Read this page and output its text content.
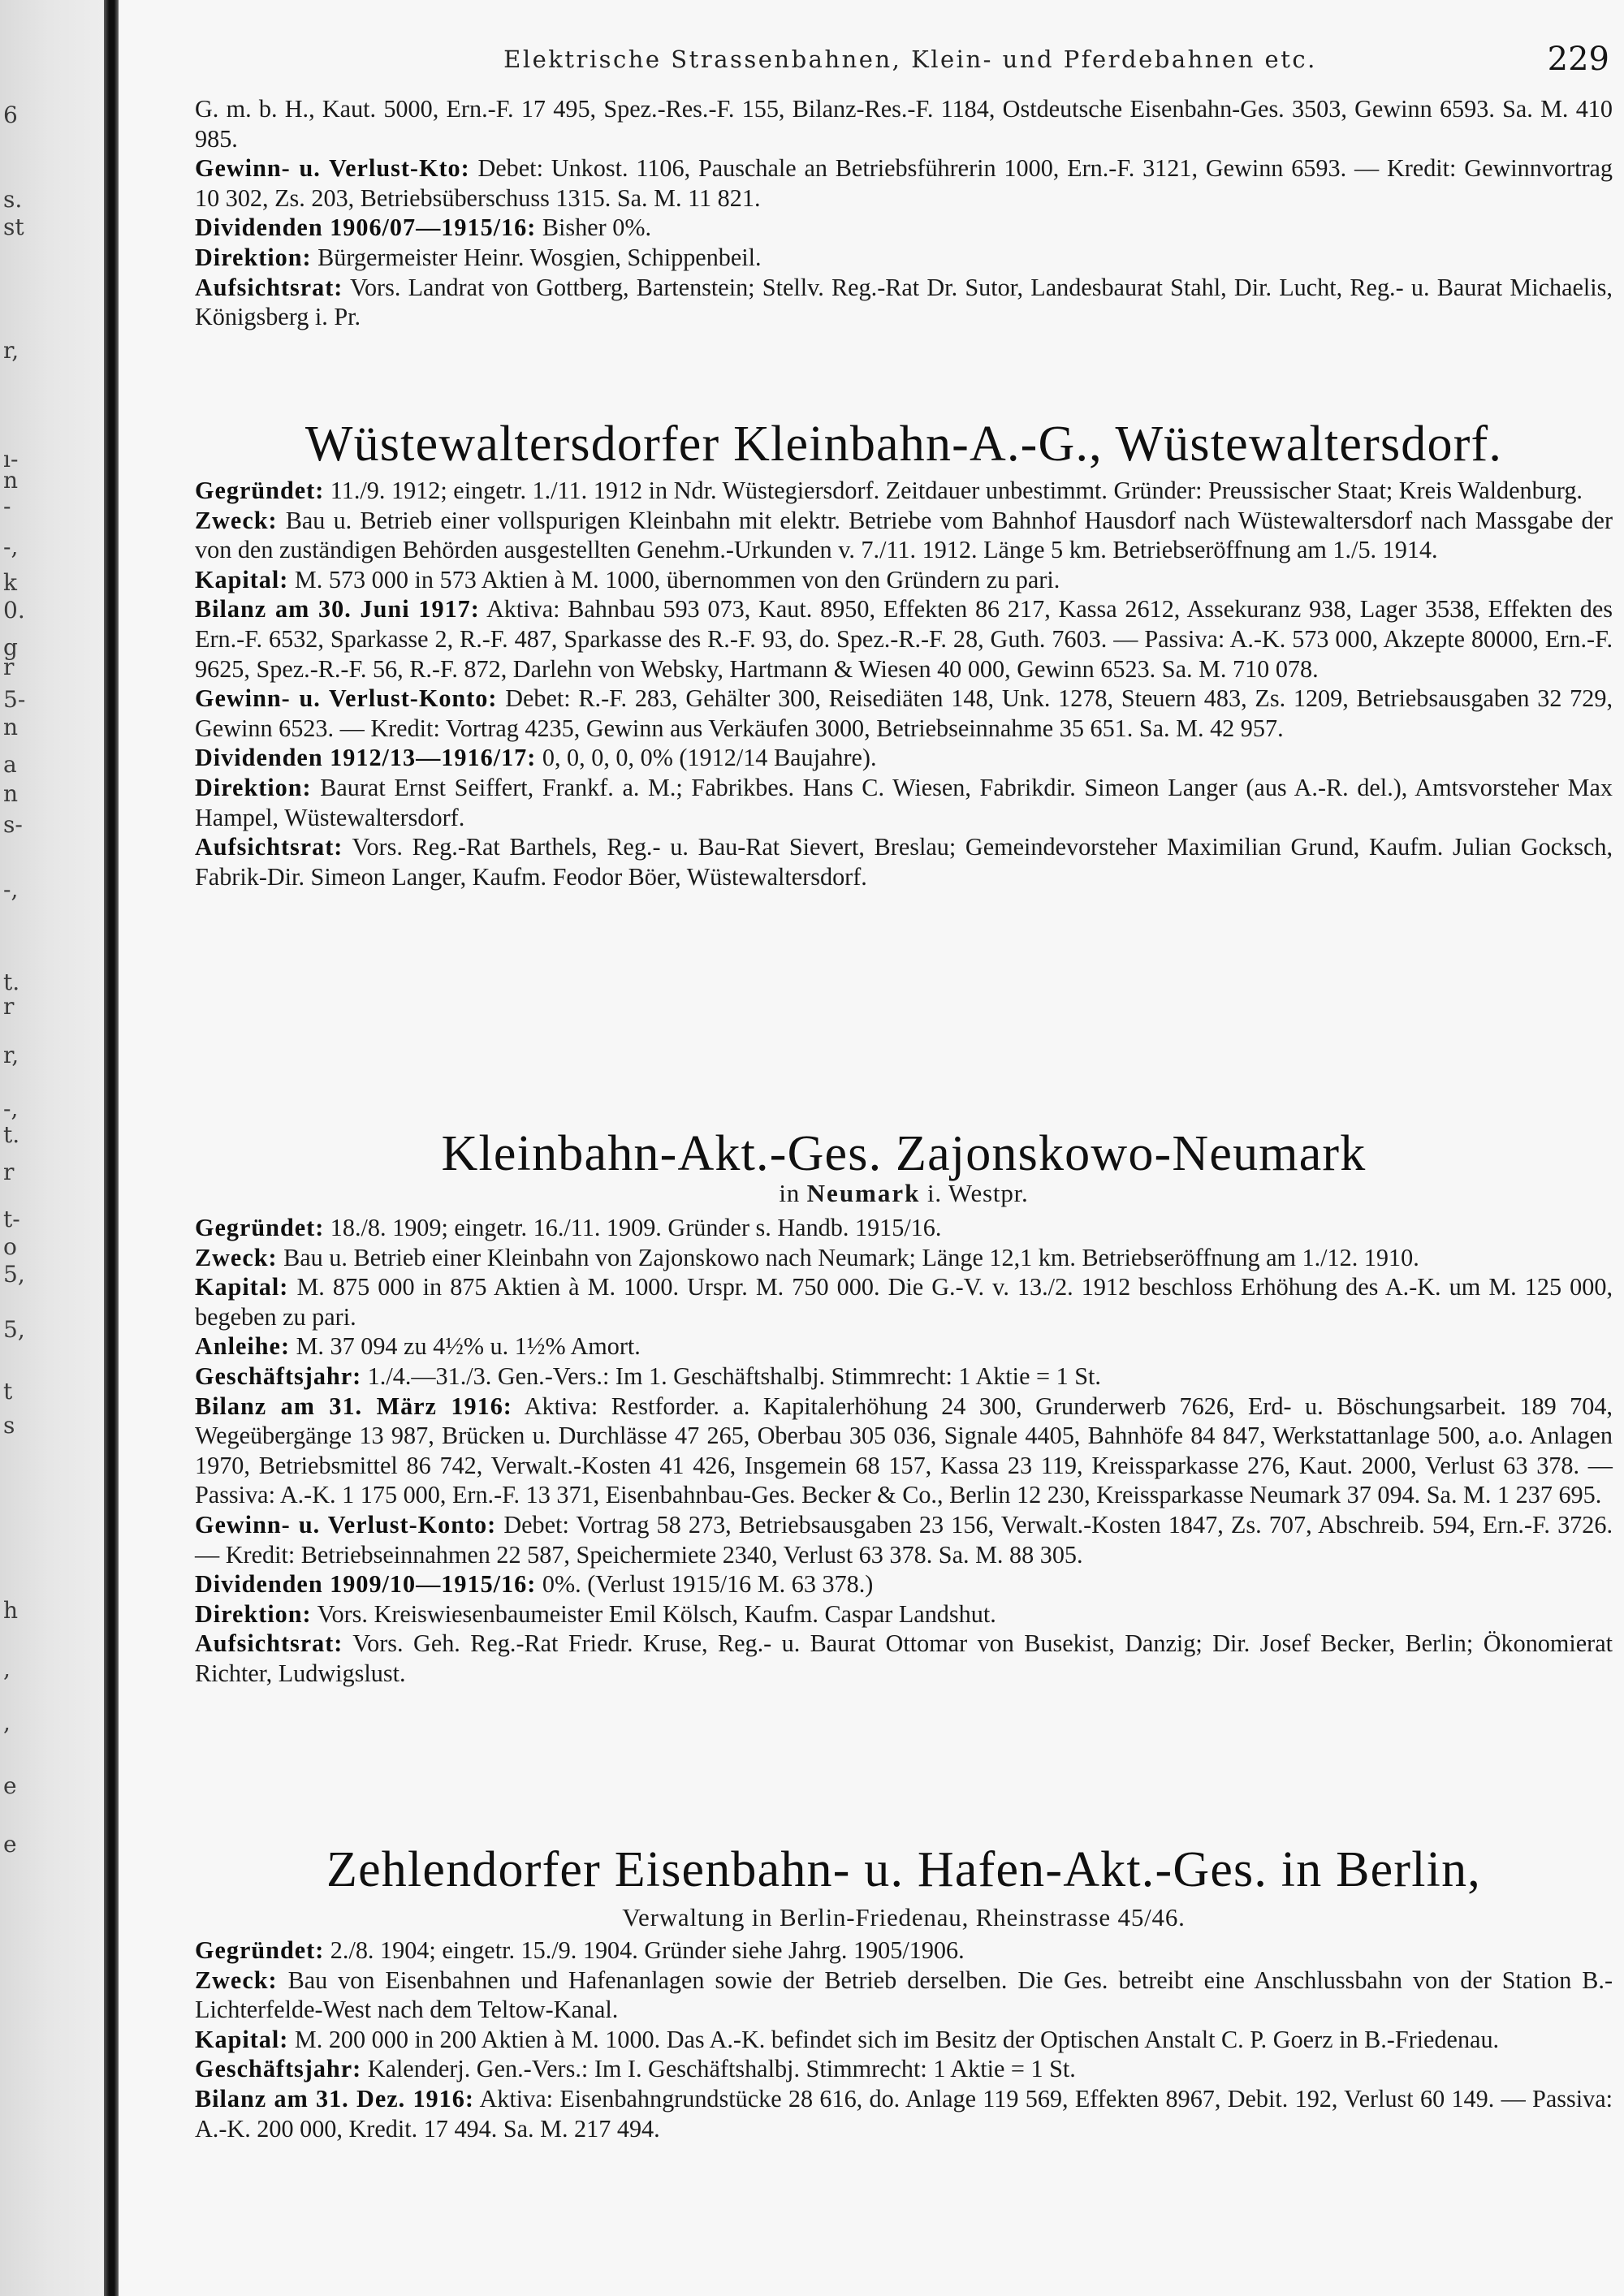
6
s.
st
r,
ı-
n
-
-,
k
0.
g
r
5-
n
a
n
s-
-,
t.
r
r,
-,
t.
r
t-
o
5,
5,
t
s
h
,
,
e
e
Elektrische Strassenbahnen, Klein- und Pferdebahnen etc.	229
G. m. b. H., Kaut. 5000, Ern.-F. 17 495, Spez.-Res.-F. 155, Bilanz-Res.-F. 1184, Ostdeutsche Eisenbahn-Ges. 3503, Gewinn 6593. Sa. M. 410 985.
Gewinn- u. Verlust-Kto: Debet: Unkost. 1106, Pauschale an Betriebsführerin 1000, Ern.-F. 3121, Gewinn 6593. — Kredit: Gewinnvortrag 10 302, Zs. 203, Betriebsüberschuss 1315. Sa. M. 11 821.
Dividenden 1906/07—1915/16: Bisher 0%.
Direktion: Bürgermeister Heinr. Wosgien, Schippenbeil.
Aufsichtsrat: Vors. Landrat von Gottberg, Bartenstein; Stellv. Reg.-Rat Dr. Sutor, Landesbaurat Stahl, Dir. Lucht, Reg.- u. Baurat Michaelis, Königsberg i. Pr.
Wüstewaltersdorfer Kleinbahn-A.-G., Wüstewaltersdorf.
Gegründet: 11./9. 1912; eingetr. 1./11. 1912 in Ndr. Wüstegiersdorf. Zeitdauer unbestimmt. Gründer: Preussischer Staat; Kreis Waldenburg.
Zweck: Bau u. Betrieb einer vollspurigen Kleinbahn mit elektr. Betriebe vom Bahnhof Hausdorf nach Wüstewaltersdorf nach Massgabe der von den zuständigen Behörden ausgestellten Genehm.-Urkunden v. 7./11. 1912. Länge 5 km. Betriebseröffnung am 1./5. 1914.
Kapital: M. 573 000 in 573 Aktien à M. 1000, übernommen von den Gründern zu pari.
Bilanz am 30. Juni 1917: Aktiva: Bahnbau 593 073, Kaut. 8950, Effekten 86 217, Kassa 2612, Assekuranz 938, Lager 3538, Effekten des Ern.-F. 6532, Sparkasse 2, R.-F. 487, Sparkasse des R.-F. 93, do. Spez.-R.-F. 28, Guth. 7603. — Passiva: A.-K. 573 000, Akzepte 80000, Ern.-F. 9625, Spez.-R.-F. 56, R.-F. 872, Darlehn von Websky, Hartmann & Wiesen 40 000, Gewinn 6523. Sa. M. 710 078.
Gewinn- u. Verlust-Konto: Debet: R.-F. 283, Gehälter 300, Reisediäten 148, Unk. 1278, Steuern 483, Zs. 1209, Betriebsausgaben 32 729, Gewinn 6523. — Kredit: Vortrag 4235, Gewinn aus Verkäufen 3000, Betriebseinnahme 35 651. Sa. M. 42 957.
Dividenden 1912/13—1916/17: 0, 0, 0, 0, 0% (1912/14 Baujahre).
Direktion: Baurat Ernst Seiffert, Frankf. a. M.; Fabrikbes. Hans C. Wiesen, Fabrikdir. Simeon Langer (aus A.-R. del.), Amtsvorsteher Max Hampel, Wüstewaltersdorf.
Aufsichtsrat: Vors. Reg.-Rat Barthels, Reg.- u. Bau-Rat Sievert, Breslau; Gemeindevorsteher Maximilian Grund, Kaufm. Julian Gocksch, Fabrik-Dir. Simeon Langer, Kaufm. Feodor Böer, Wüstewaltersdorf.
Kleinbahn-Akt.-Ges. Zajonskowo-Neumark
in Neumark i. Westpr.
Gegründet: 18./8. 1909; eingetr. 16./11. 1909. Gründer s. Handb. 1915/16.
Zweck: Bau u. Betrieb einer Kleinbahn von Zajonskowo nach Neumark; Länge 12,1 km. Betriebseröffnung am 1./12. 1910.
Kapital: M. 875 000 in 875 Aktien à M. 1000. Urspr. M. 750 000. Die G.-V. v. 13./2. 1912 beschloss Erhöhung des A.-K. um M. 125 000, begeben zu pari.
Anleihe: M. 37 094 zu 4½% u. 1½% Amort.
Geschäftsjahr: 1./4.—31./3. Gen.-Vers.: Im 1. Geschäftshalbj. Stimmrecht: 1 Aktie = 1 St.
Bilanz am 31. März 1916: Aktiva: Restforder. a. Kapitalerhöhung 24 300, Grunderwerb 7626, Erd- u. Böschungsarbeit. 189 704, Wegeübergänge 13 987, Brücken u. Durchlässe 47 265, Oberbau 305 036, Signale 4405, Bahnhöfe 84 847, Werkstattanlage 500, a.o. Anlagen 1970, Betriebsmittel 86 742, Verwalt.-Kosten 41 426, Insgemein 68 157, Kassa 23 119, Kreissparkasse 276, Kaut. 2000, Verlust 63 378. — Passiva: A.-K. 1 175 000, Ern.-F. 13 371, Eisenbahnbau-Ges. Becker & Co., Berlin 12 230, Kreissparkasse Neumark 37 094. Sa. M. 1 237 695.
Gewinn- u. Verlust-Konto: Debet: Vortrag 58 273, Betriebsausgaben 23 156, Verwalt.-Kosten 1847, Zs. 707, Abschreib. 594, Ern.-F. 3726. — Kredit: Betriebseinnahmen 22 587, Speichermiete 2340, Verlust 63 378. Sa. M. 88 305.
Dividenden 1909/10—1915/16: 0%. (Verlust 1915/16 M. 63 378.)
Direktion: Vors. Kreiswiesenbaumeister Emil Kölsch, Kaufm. Caspar Landshut.
Aufsichtsrat: Vors. Geh. Reg.-Rat Friedr. Kruse, Reg.- u. Baurat Ottomar von Busekist, Danzig; Dir. Josef Becker, Berlin; Ökonomierat Richter, Ludwigslust.
Zehlendorfer Eisenbahn- u. Hafen-Akt.-Ges. in Berlin,
Verwaltung in Berlin-Friedenau, Rheinstrasse 45/46.
Gegründet: 2./8. 1904; eingetr. 15./9. 1904. Gründer siehe Jahrg. 1905/1906.
Zweck: Bau von Eisenbahnen und Hafenanlagen sowie der Betrieb derselben. Die Ges. betreibt eine Anschlussbahn von der Station B.-Lichterfelde-West nach dem Teltow-Kanal.
Kapital: M. 200 000 in 200 Aktien à M. 1000. Das A.-K. befindet sich im Besitz der Optischen Anstalt C. P. Goerz in B.-Friedenau.
Geschäftsjahr: Kalenderj. Gen.-Vers.: Im I. Geschäftshalbj. Stimmrecht: 1 Aktie = 1 St.
Bilanz am 31. Dez. 1916: Aktiva: Eisenbahngrundstücke 28 616, do. Anlage 119 569, Effekten 8967, Debit. 192, Verlust 60 149. — Passiva: A.-K. 200 000, Kredit. 17 494. Sa. M. 217 494.
